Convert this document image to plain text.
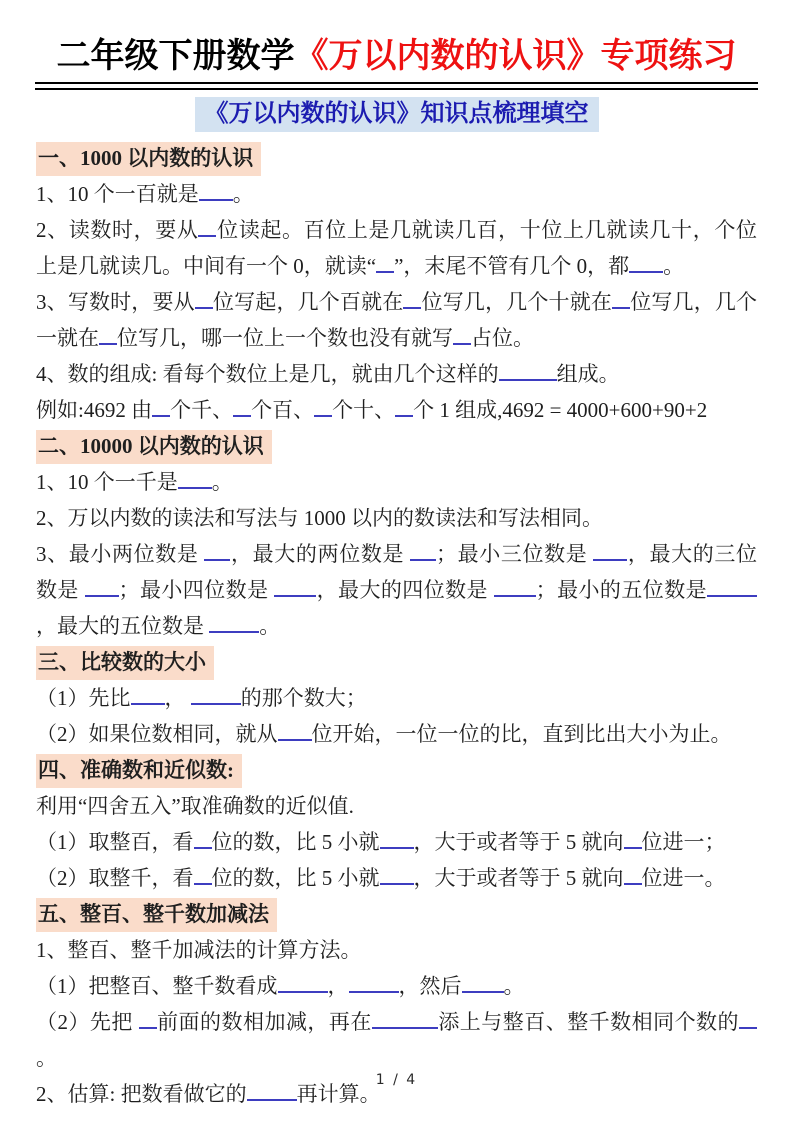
二年级下册数学《万以内数的认识》专项练习
《万以内数的认识》知识点梳理填空
一、1000 以内数的认识

1、10 个一百就是 。

2、读数时，要从 位读起。百位上是几就读几百，十位上几就读几十，个位上是几就读几。中间有一个 0，就读“ ”，末尾不管有几个 0，都 。

3、写数时，要从 位写起，几个百就在 位写几，几个十就在 位写几，几个一就在 位写几，哪一位上一个数也没有就写 占位。

4、数的组成: 看每个数位上是几，就由几个这样的	组成。

例如:4692 由 个千、 个百、 个十、 个 1 组成,4692 = 4000+600+90+2

二、10000 以内数的认识

1、10 个一千是 。

2、万以内数的读法和写法与 1000 以内的数读法和写法相同。

3、最小两位数是 ，最大的两位数是 ；最小三位数是 ，最大的三位数是 ；最小四位数是 ，最大的四位数是 ；最小的五位数是，最大的五位数是 。

三、比较数的大小

（1）先比 ， 的那个数大；

（2）如果位数相同，就从 位开始，一位一位的比，直到比出大小为止。

四、准确数和近似数:

利用“四舍五入”取准确数的近似值.

（1）取整百，看 位的数，比 5 小就 ，大于或者等于 5 就向 位进一；

（2）取整千，看 位的数，比 5 小就 ，大于或者等于 5 就向 位进一。

五、整百、整千数加减法

1、整百、整千加减法的计算方法。

（1）把整百、整千数看成 ， ，然后 。

（2）先把 前面的数相加减，再在	添上与整百、整千数相同个数的。

2、估算: 把数看做它的 再计算。

1 / 4
